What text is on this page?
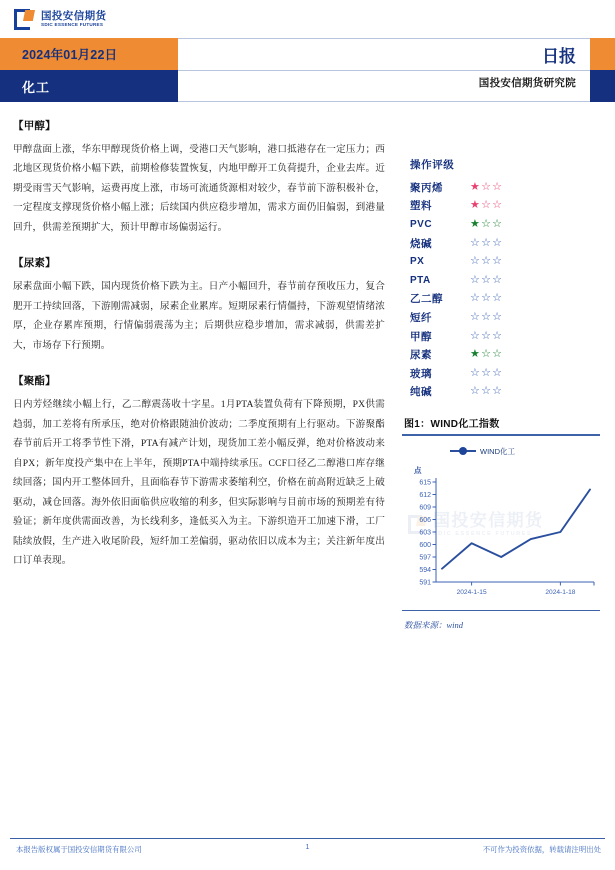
国投安信期货
SDIC ESSENCE FUTURES
日报
国投安信期货研究院
2024年01月22日
化工
【甲醇】

甲醇盘面上涨，华东甲醇现货价格上调，受港口天气影响，港口抵港存在一定压力；西北地区现货价格小幅下跌，前期检修装置恢复，内地甲醇开工负荷提升，企业去库。近期受雨雪天气影响，运费再度上涨，市场可流通货源相对较少，春节前下游积极补仓，一定程度支撑现货价格小幅上涨；后续国内供应稳步增加，需求方面仍旧偏弱，到港量回升，供需差预期扩大，预计甲醇市场偏弱运行。

【尿素】

尿素盘面小幅下跌，国内现货价格下跌为主。日产小幅回升，春节前存预收压力，复合肥开工持续回落，下游刚需减弱，尿素企业累库。短期尿素行情僵持，下游观望情绪浓厚，企业存累库预期，行情偏弱震荡为主；后期供应稳步增加，需求减弱，供需差扩大，市场存下行预期。

【聚酯】

日内芳烃继续小幅上行，乙二醇震荡收十字星。1月PTA装置负荷有下降预期，PX供需趋弱，加工差将有所承压，绝对价格跟随油价波动；二季度预期有上行驱动。下游聚酯春节前后开工将季节性下滑，PTA有减产计划，现货加工差小幅反弹，绝对价格波动来自PX；新年度投产集中在上半年，预期PTA中端持续承压。CCF口径乙二醇港口库存继续回落；国内开工整体回升，且面临春节下游需求萎缩利空，价格在前高附近缺乏上破驱动，减仓回落。海外依旧面临供应收缩的利多，但实际影响与目前市场的预期差有待验证；新年度供需面改善，为长线利多，逢低买入为主。下游织造开工加速下滑，工厂陆续放假，生产进入收尾阶段，短纤加工差偏弱，驱动依旧以成本为主；关注新年度出口订单表现。

操作评级
聚丙烯	★☆☆
塑料	★☆☆
PVC	★☆☆
烧碱	☆☆☆
PX	☆☆☆
PTA	☆☆☆
乙二醇	☆☆☆
短纤	☆☆☆
甲醇	☆☆☆
尿素	★☆☆
玻璃	☆☆☆
纯碱	☆☆☆
图1：WIND化工指数
WIND化工
点
国投安信期货
SDIC ESSENCE FUTURES
591
594
597
600
603
606
609
612
615
2024-1-15	2024-1-18
数据来源：wind
本报告版权属于国投安信期货有限公司	1	不可作为投资依据，转载请注明出处
